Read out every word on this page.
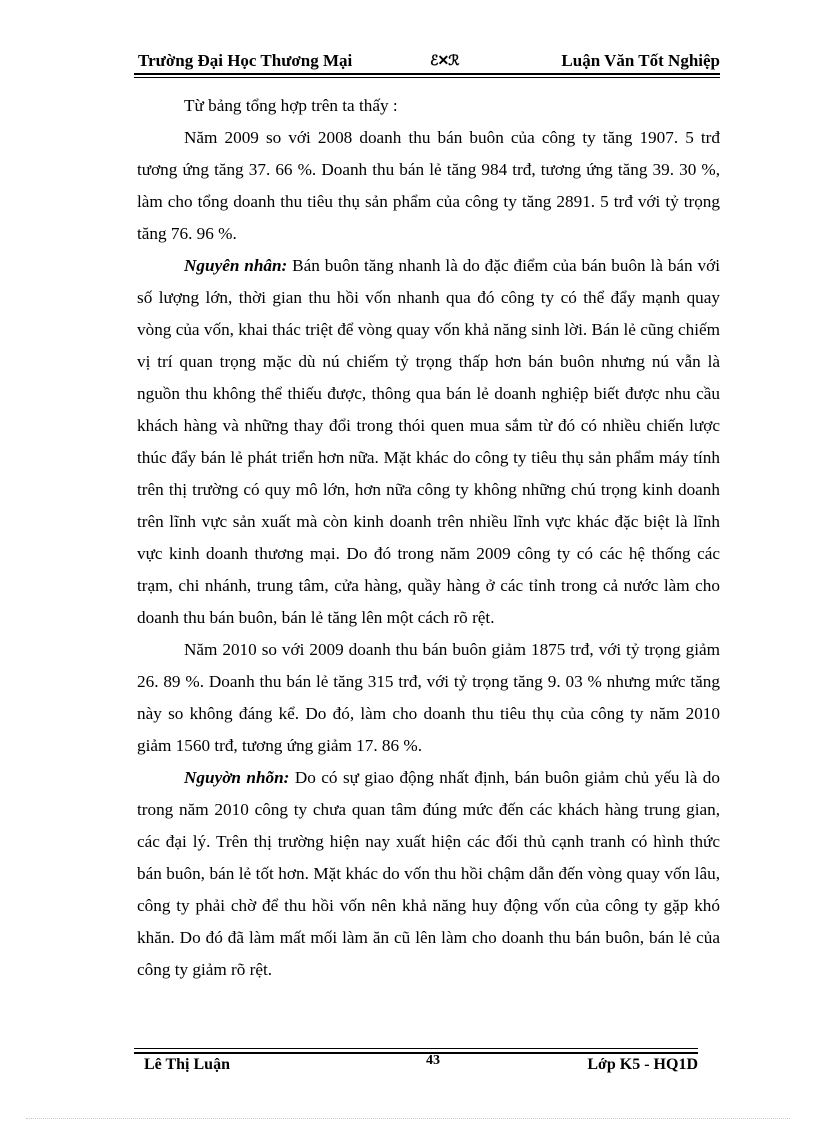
Trường Đại Học Thương Mại	ℰ✕ℛ	Luận Văn Tốt Nghiệp

Từ bảng tổng hợp trên ta thấy :

Năm 2009 so với 2008 doanh thu bán buôn của công ty tăng 1907. 5 trđ tương ứng tăng 37. 66 %. Doanh thu bán lẻ tăng 984 trđ, tương ứng tăng 39. 30 %, làm cho tổng doanh thu tiêu thụ sản phẩm của công ty tăng 2891. 5 trđ với tỷ trọng tăng 76. 96 %.

Nguyên nhân: Bán buôn tăng nhanh là do đặc điểm của bán buôn là bán với số lượng lớn, thời gian thu hồi vốn nhanh qua đó công ty có thể đẩy mạnh quay vòng của vốn, khai thác triệt để vòng quay vốn khả năng sinh lời. Bán lẻ cũng chiếm vị trí quan trọng mặc dù nú chiếm tỷ trọng thấp hơn bán buôn nhưng nú vẫn là nguồn thu không thể thiếu được, thông qua bán lẻ doanh nghiệp biết được nhu cầu khách hàng và những thay đổi trong thói quen mua sắm từ đó có nhiều chiến lược thúc đẩy bán lẻ phát triển hơn nữa. Mặt khác do công ty tiêu thụ sản phẩm máy tính trên thị trường có quy mô lớn, hơn nữa công ty không những chú trọng kinh doanh trên lĩnh vực sản xuất mà còn kinh doanh trên nhiều lĩnh vực khác đặc biệt là lĩnh vực kinh doanh thương mại. Do đó trong năm 2009 công ty có các hệ thống các trạm, chi nhánh, trung tâm, cửa hàng, quầy hàng ở các tỉnh trong cả nước làm cho doanh thu bán buôn, bán lẻ tăng lên một cách rõ rệt.

Năm 2010 so với 2009 doanh thu bán buôn giảm 1875 trđ, với tỷ trọng giảm 26. 89 %. Doanh thu bán lẻ tăng 315 trđ, với tỷ trọng tăng 9. 03 % nhưng mức tăng này so không đáng kể. Do đó, làm cho doanh thu tiêu thụ của công ty năm 2010 giảm 1560 trđ, tương ứng giảm 17. 86 %.

Nguyờn nhõn: Do có sự giao động nhất định, bán buôn giảm chủ yếu là do trong năm 2010 công ty chưa quan tâm đúng mức đến các khách hàng trung gian, các đại lý. Trên thị trường hiện nay xuất hiện các đối thủ cạnh tranh có hình thức bán buôn, bán lẻ tốt hơn. Mặt khác do vốn thu hồi chậm dẫn đến vòng quay vốn lâu, công ty phải chờ để thu hồi vốn nên khả năng huy động vốn của công ty gặp khó khăn. Do đó đã làm mất mối làm ăn cũ lên làm cho doanh thu bán buôn, bán lẻ của công ty giảm rõ rệt.

Lê Thị Luận	43	Lớp K5 - HQ1D
